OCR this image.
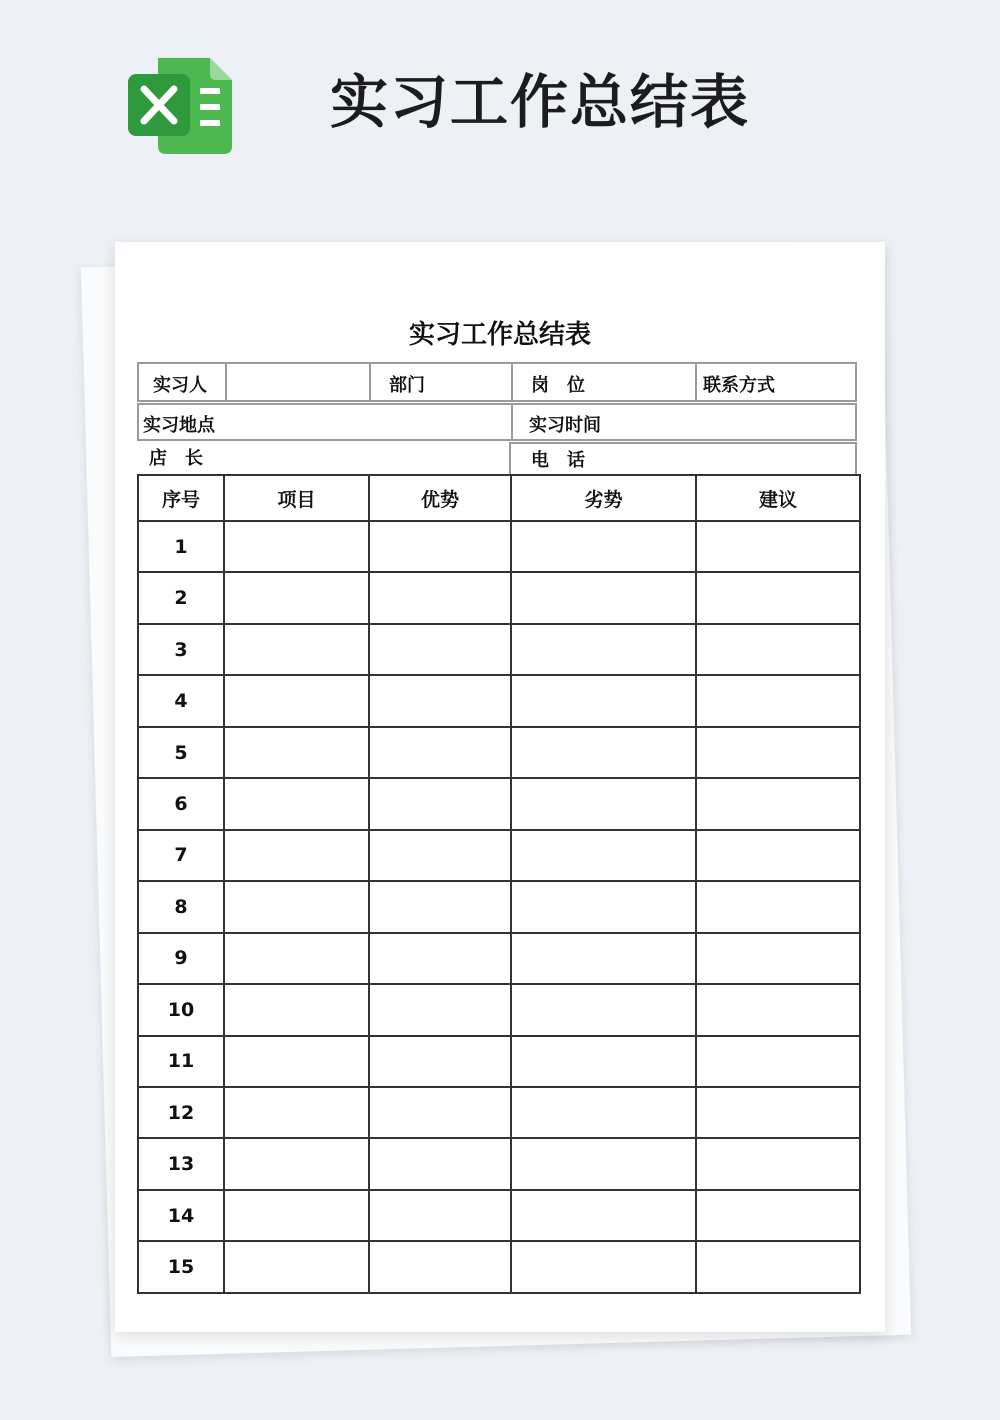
实习工作总结表
实习工作总结表
实习人	部门	岗　位	联系方式
实习地点	实习时间
店　长	电　话
序号	项目	优势	劣势	建议
1				
2				
3				
4				
5				
6				
7				
8				
9				
10				
11				
12				
13				
14				
15				
